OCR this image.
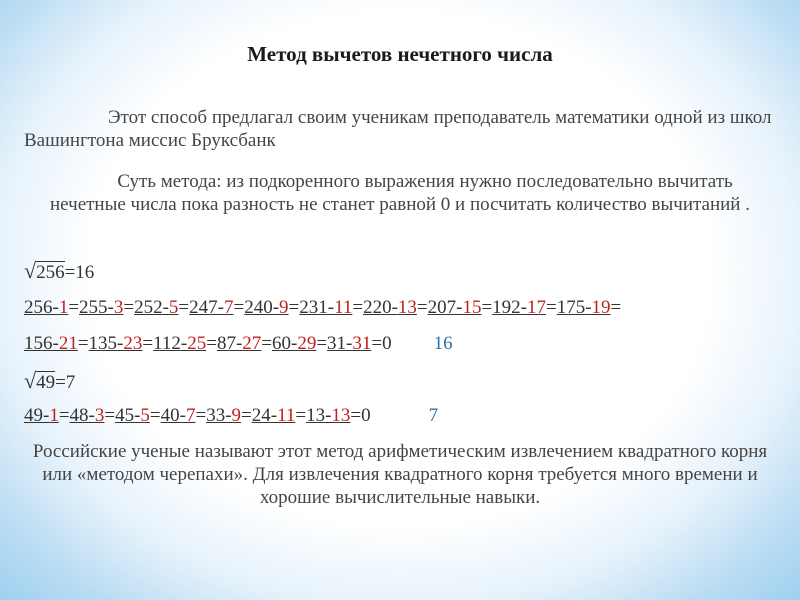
Метод вычетов нечетного числа
Этот способ предлагал своим ученикам преподаватель математики одной из школ Вашингтона миссис Бруксбанк
Суть метода: из подкоренного выражения нужно последовательно вычитать нечетные числа пока разность не станет равной 0 и посчитать количество вычитаний .
√256=16
256-1=255-3=252-5=247-7=240-9=231-11=220-13=207-15=192-17=175-19=
156-21=135-23=112-25=87-27=60-29=31-31=0 16
√49=7
49-1=48-3=45-5=40-7=33-9=24-11=13-13=0	7
Российские ученые называют этот метод арифметическим извлечением квадратного корня или «методом черепахи». Для извлечения квадратного корня требуется много времени и хорошие вычислительные навыки.
